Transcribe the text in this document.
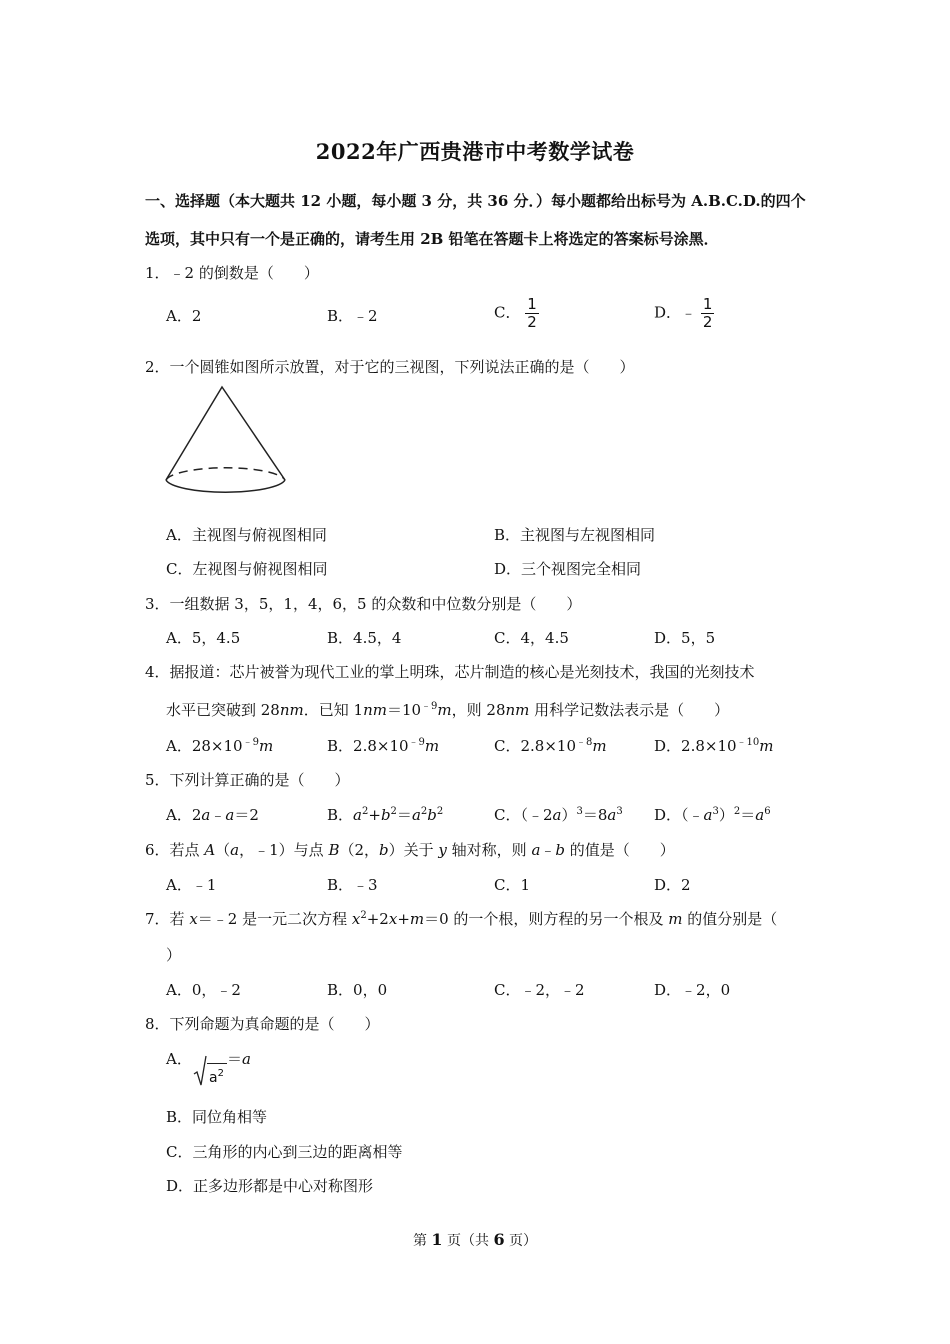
2022年广西贵港市中考数学试卷
一、选择题（本大题共 12 小题，每小题 3 分，共 36 分．）每小题都给出标号为 A.B.C.D.的四个
选项，其中只有一个是正确的，请考生用 2B 铅笔在答题卡上将选定的答案标号涂黑．
1．﹣2 的倒数是（　　）
A．2	B．﹣2	C． $\frac{1}{2}$	D．﹣ $\frac{1}{2}$
2．一个圆锥如图所示放置，对于它的三视图，下列说法正确的是（　　）
A．主视图与俯视图相同	B．主视图与左视图相同
C．左视图与俯视图相同	D．三个视图完全相同
3．一组数据 3，5，1，4，6，5 的众数和中位数分别是（　　）
A．5，4.5	B．4.5，4	C．4，4.5	D．5，5
4．据报道：芯片被誉为现代工业的掌上明珠，芯片制造的核心是光刻技术，我国的光刻技术
水平已突破到 28nm．已知 $1nm=10^{﹣9}m$，则 28nm 用科学记数法表示是（　　）
A．$28\times 10^{﹣9}m$	B．$2.8\times 10^{﹣9}m$	C．$2.8\times 10^{﹣8}m$	D．$2.8\times 10^{﹣10}m$
5．下列计算正确的是（　　）
A．2a﹣a＝2	B．$a^2+b^2=a^2b^2$	C．$(﹣2a)^3=8a^3$ D．$(﹣a^3)^2=a^6$
6．若点 A（a，﹣1）与点 B（2，b）关于 y 轴对称，则 a﹣b 的值是（　　）
A．﹣1	B．﹣3	C．1	D．2
7．若 x＝﹣2 是一元二次方程 $x^2+2x+m=0$ 的一个根，则方程的另一个根及 m 的值分别是（
）
A．0，﹣2	B．0，0	C．﹣2，﹣2	D．﹣2，0
8．下列命题为真命题的是（　　）
A．
$a^2$
＝a
B．同位角相等
C．三角形的内心到三边的距离相等
D．正多边形都是中心对称图形
第 1 页（共 6 页）
